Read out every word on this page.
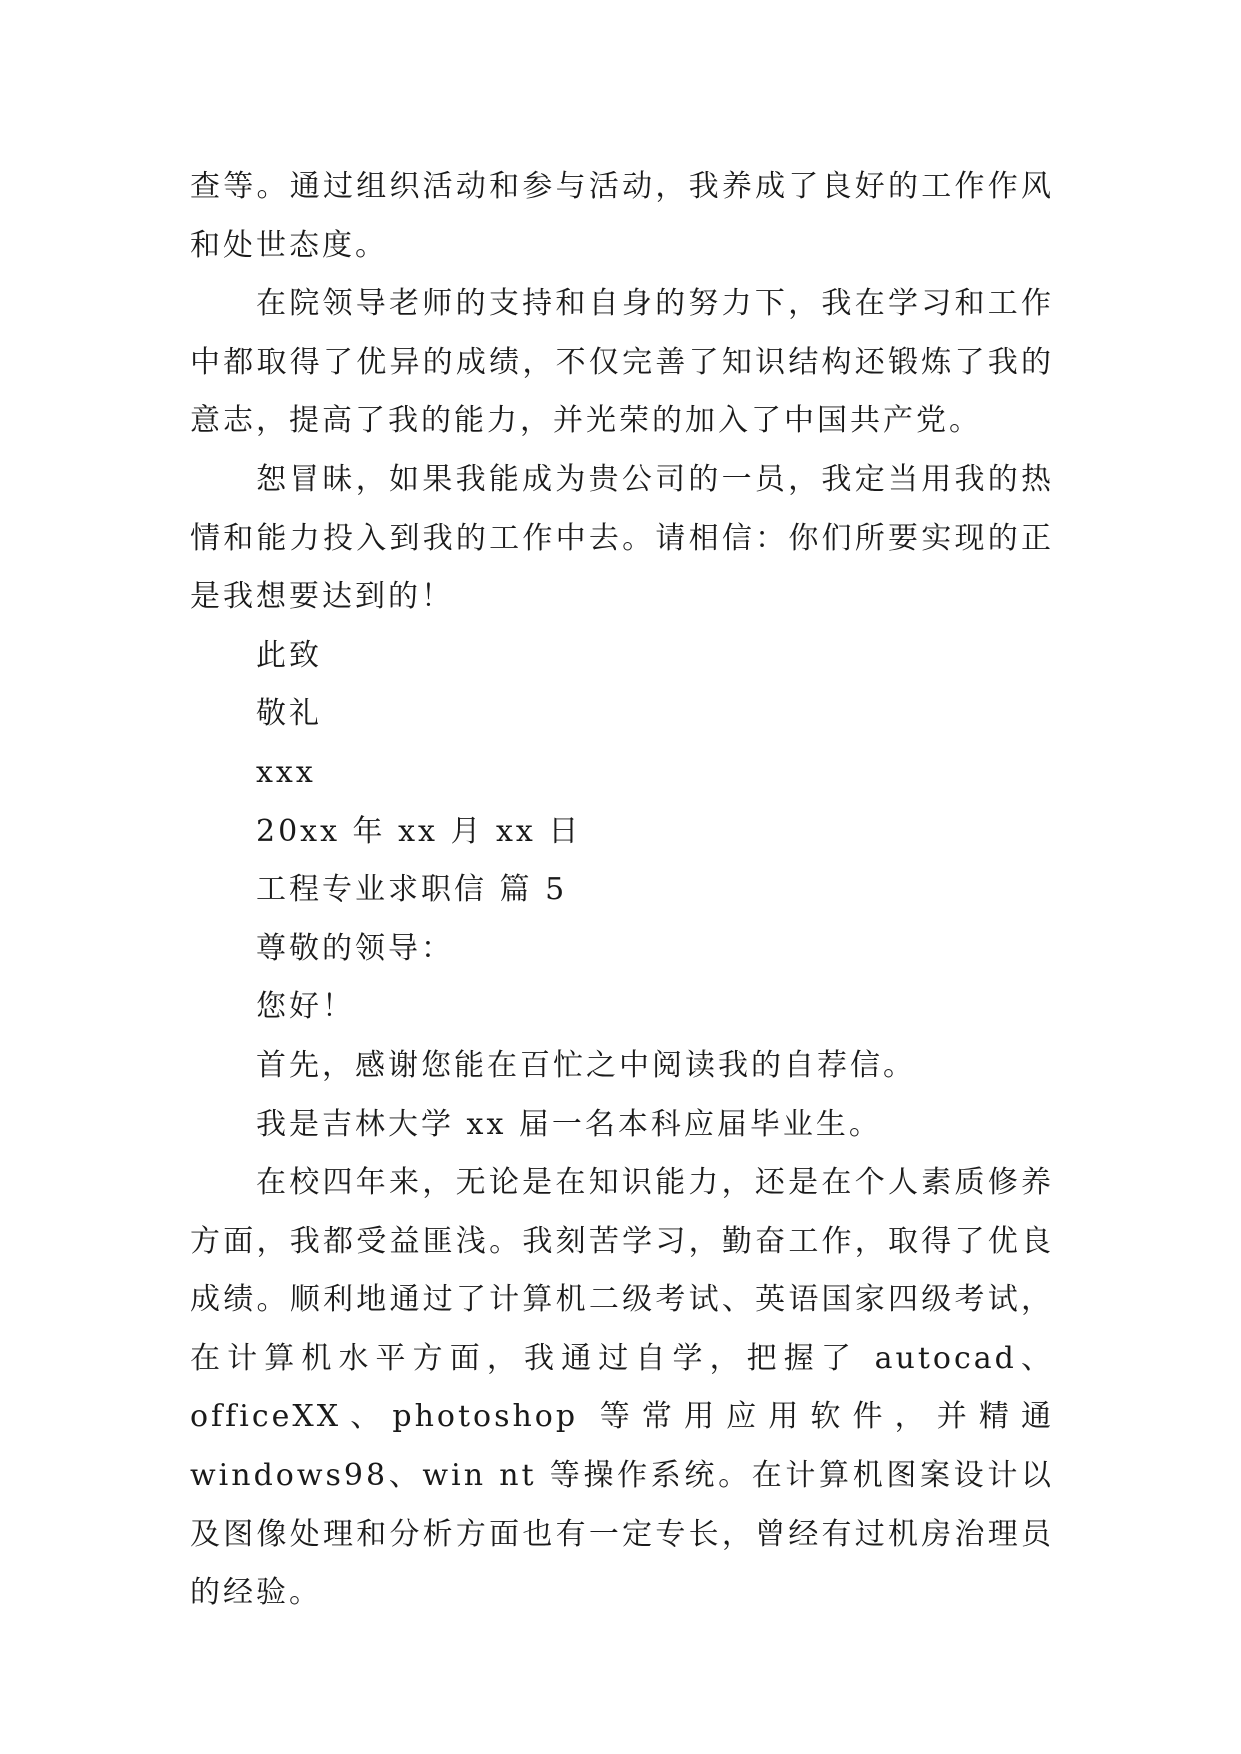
查等。通过组织活动和参与活动，我养成了良好的工作作风和处世态度。

在院领导老师的支持和自身的努力下，我在学习和工作中都取得了优异的成绩，不仅完善了知识结构还锻炼了我的意志，提高了我的能力，并光荣的加入了中国共产党。

恕冒昧，如果我能成为贵公司的一员，我定当用我的热情和能力投入到我的工作中去。请相信：你们所要实现的正是我想要达到的！

此致

敬礼

xxx

20xx 年 xx 月 xx 日

工程专业求职信 篇 5

尊敬的领导：

您好！

首先，感谢您能在百忙之中阅读我的自荐信。

我是吉林大学 xx 届一名本科应届毕业生。

在校四年来，无论是在知识能力，还是在个人素质修养方面，我都受益匪浅。我刻苦学习，勤奋工作，取得了优良成绩。顺利地通过了计算机二级考试、英语国家四级考试，在计算机水平方面，我通过自学，把握了 autocad、officeXX、photoshop 等常用应用软件，并精通 windows98、win nt 等操作系统。在计算机图案设计以及图像处理和分析方面也有一定专长，曾经有过机房治理员的经验。
